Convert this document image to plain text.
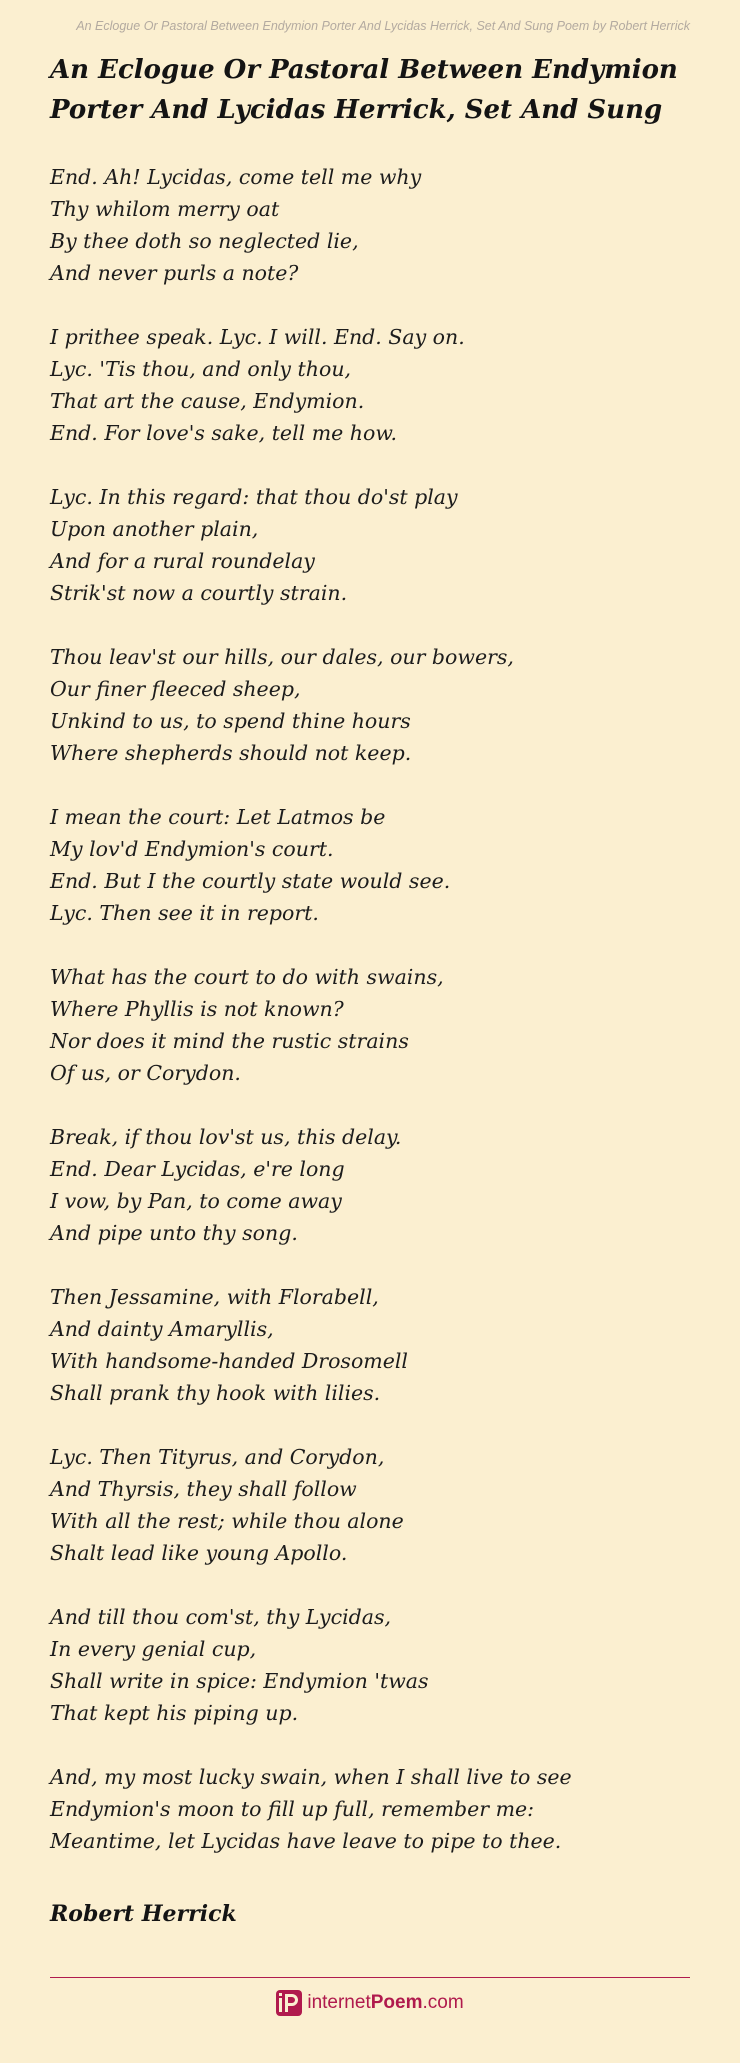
An Eclogue Or Pastoral Between Endymion Porter And Lycidas Herrick, Set And Sung Poem by Robert Herrick
An Eclogue Or Pastoral Between Endymion Porter And Lycidas Herrick, Set And Sung
End. Ah! Lycidas, come tell me why
Thy whilom merry oat
By thee doth so neglected lie,
And never purls a note?
I prithee speak. Lyc. I will. End. Say on.
Lyc. 'Tis thou, and only thou,
That art the cause, Endymion.
End. For love's sake, tell me how.
Lyc. In this regard: that thou do'st play
Upon another plain,
And for a rural roundelay
Strik'st now a courtly strain.
Thou leav'st our hills, our dales, our bowers,
Our finer fleeced sheep,
Unkind to us, to spend thine hours
Where shepherds should not keep.
I mean the court: Let Latmos be
My lov'd Endymion's court.
End. But I the courtly state would see.
Lyc. Then see it in report.
What has the court to do with swains,
Where Phyllis is not known?
Nor does it mind the rustic strains
Of us, or Corydon.
Break, if thou lov'st us, this delay.
End. Dear Lycidas, e're long
I vow, by Pan, to come away
And pipe unto thy song.
Then Jessamine, with Florabell,
And dainty Amaryllis,
With handsome-handed Drosomell
Shall prank thy hook with lilies.
Lyc. Then Tityrus, and Corydon,
And Thyrsis, they shall follow
With all the rest; while thou alone
Shalt lead like young Apollo.
And till thou com'st, thy Lycidas,
In every genial cup,
Shall write in spice: Endymion 'twas
That kept his piping up.
And, my most lucky swain, when I shall live to see
Endymion's moon to fill up full, remember me:
Meantime, let Lycidas have leave to pipe to thee.
Robert Herrick
internetPoem.com
